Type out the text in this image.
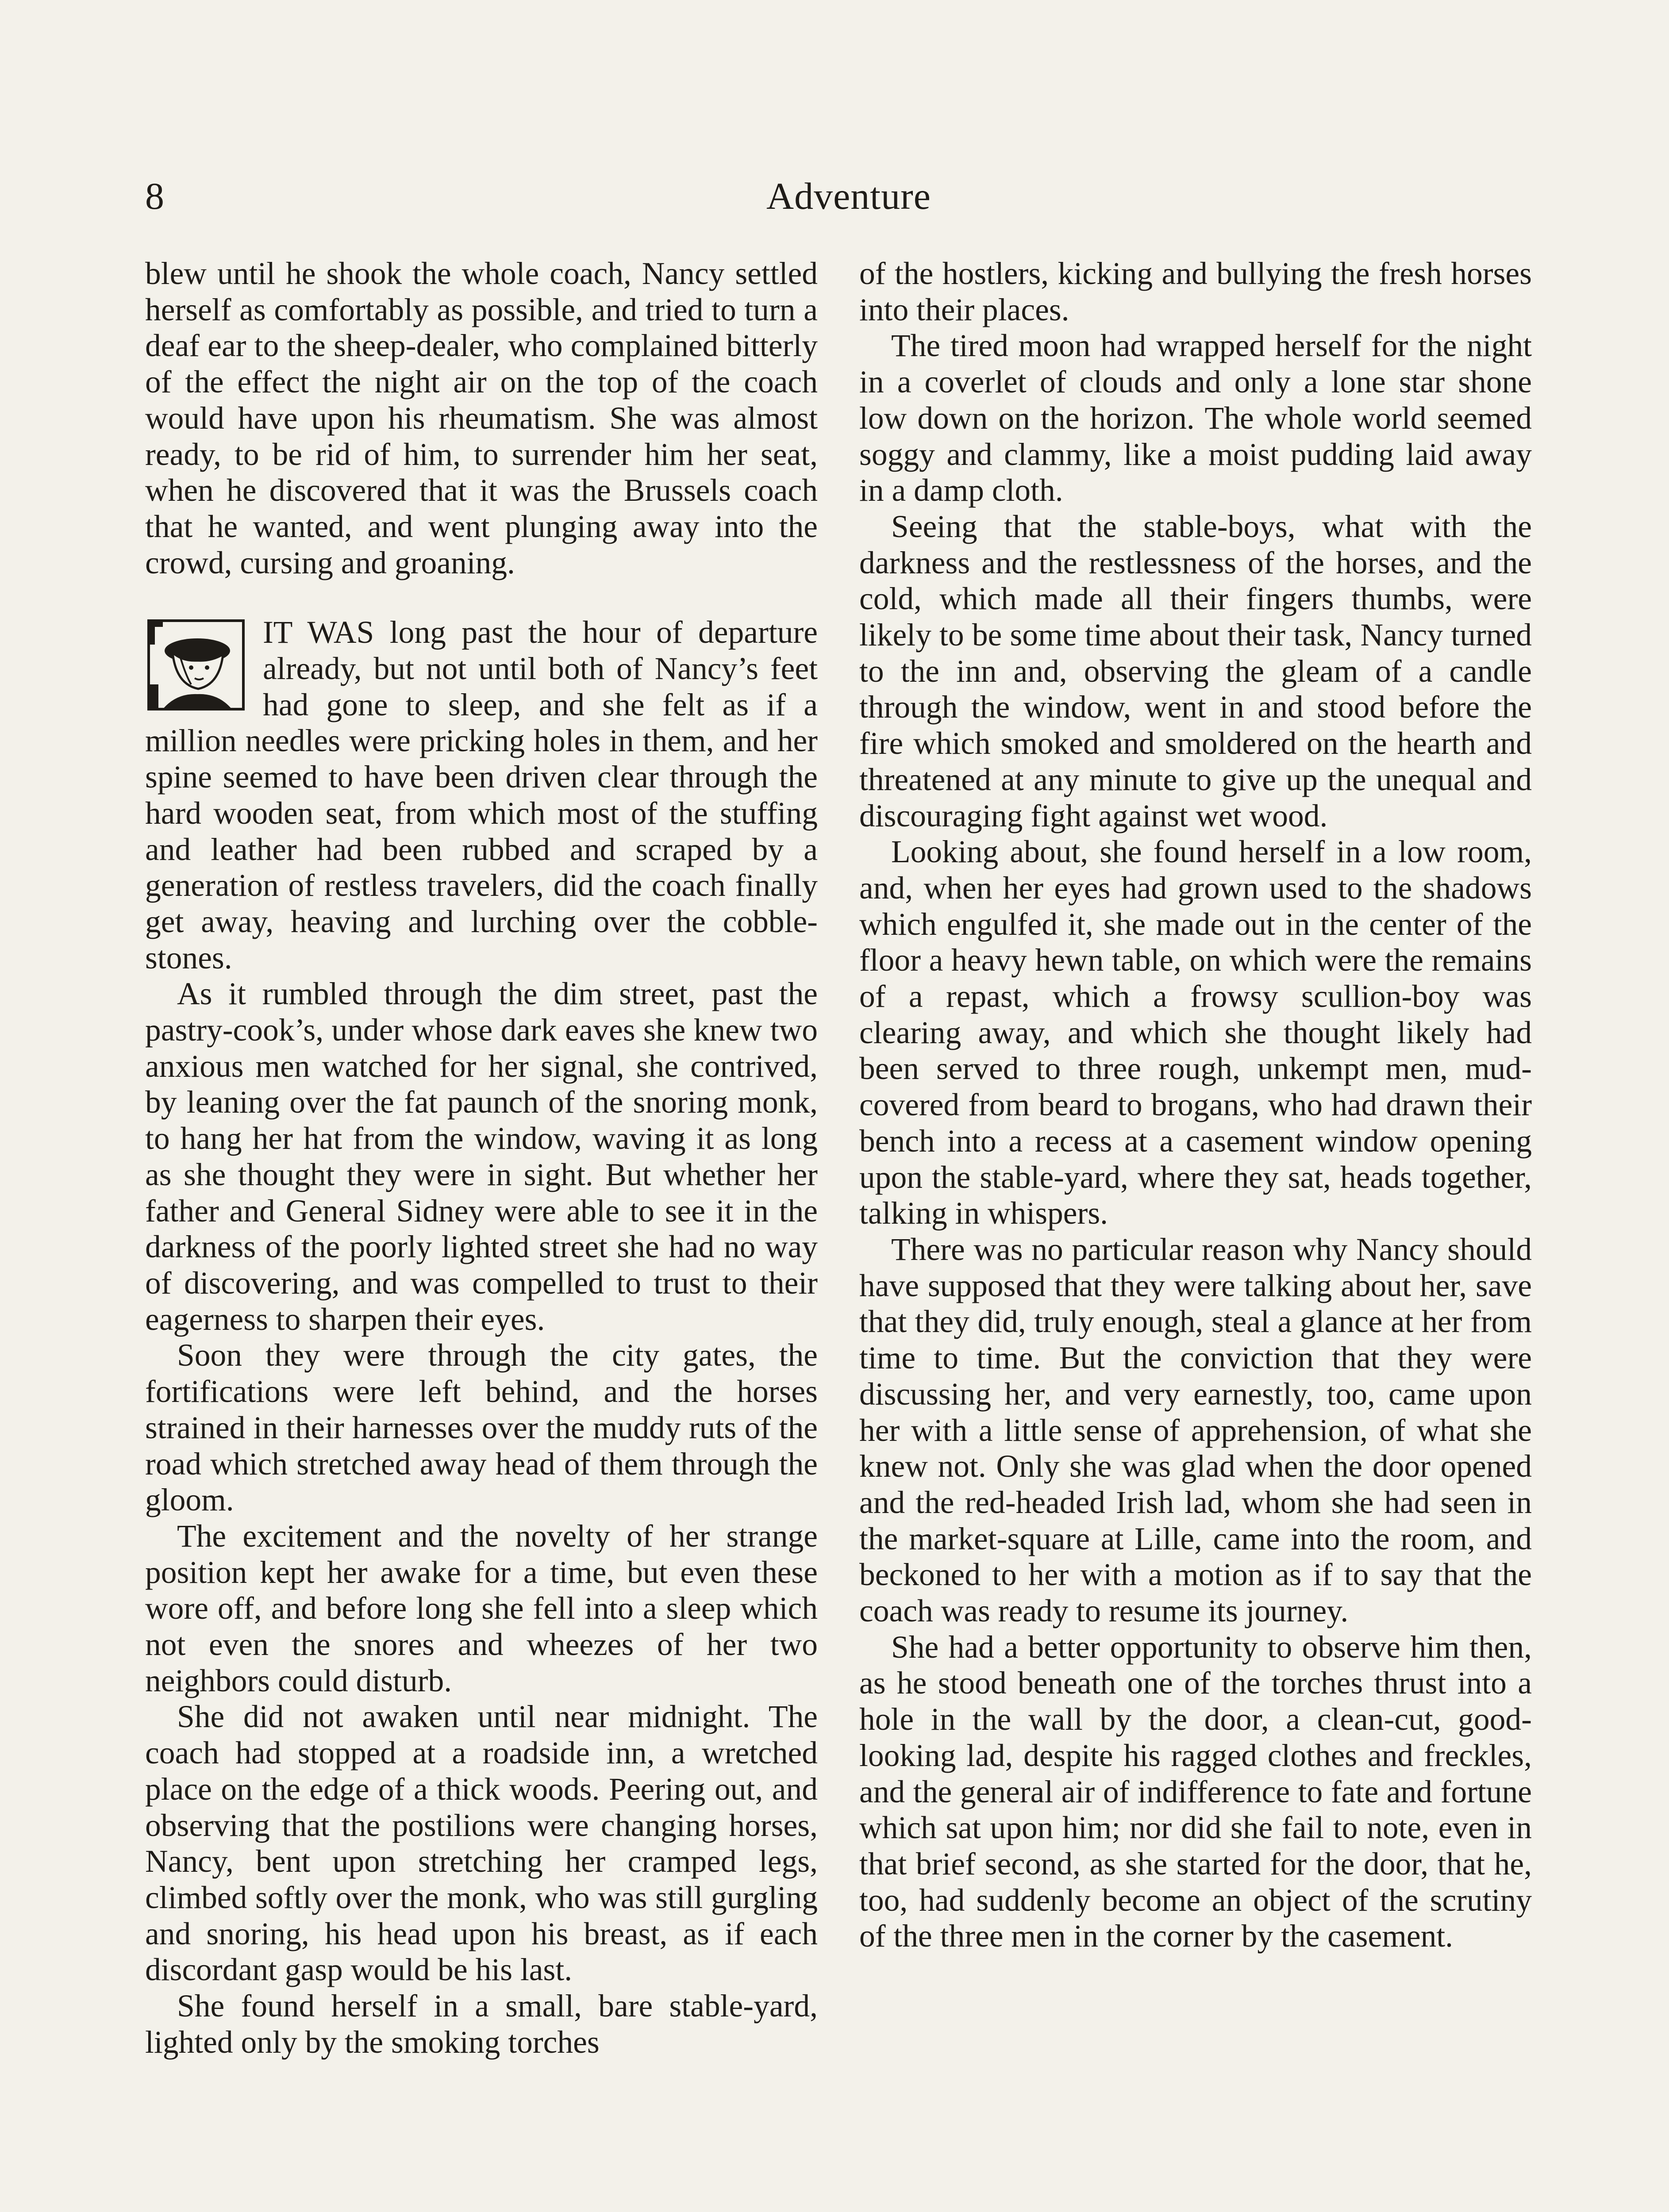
8	Adventure

blew until he shook the whole coach, Nancy settled herself as comfortably as possible, and tried to turn a deaf ear to the sheep-dealer, who complained bitterly of the effect the night air on the top of the coach would have upon his rheumatism. She was almost ready, to be rid of him, to surrender him her seat, when he discovered that it was the Brussels coach that he wanted, and went plunging away into the crowd, cursing and groaning.

IT WAS long past the hour of departure already, but not until both of Nancy’s feet had gone to sleep, and she felt as if a million needles were pricking holes in them, and her spine seemed to have been driven clear through the hard wooden seat, from which most of the stuffing and leather had been rubbed and scraped by a generation of restless travelers, did the coach finally get away, heaving and lurching over the cobble-stones.

As it rumbled through the dim street, past the pastry-cook’s, under whose dark eaves she knew two anxious men watched for her signal, she contrived, by leaning over the fat paunch of the snoring monk, to hang her hat from the window, waving it as long as she thought they were in sight. But whether her father and General Sidney were able to see it in the darkness of the poorly lighted street she had no way of discovering, and was compelled to trust to their eagerness to sharpen their eyes.

Soon they were through the city gates, the fortifications were left behind, and the horses strained in their harnesses over the muddy ruts of the road which stretched away head of them through the gloom.

The excitement and the novelty of her strange position kept her awake for a time, but even these wore off, and before long she fell into a sleep which not even the snores and wheezes of her two neighbors could disturb.

She did not awaken until near midnight. The coach had stopped at a roadside inn, a wretched place on the edge of a thick woods. Peering out, and observing that the postilions were changing horses, Nancy, bent upon stretching her cramped legs, climbed softly over the monk, who was still gurgling and snoring, his head upon his breast, as if each discordant gasp would be his last.

She found herself in a small, bare stable-yard, lighted only by the smoking torches

of the hostlers, kicking and bullying the fresh horses into their places.

The tired moon had wrapped herself for the night in a coverlet of clouds and only a lone star shone low down on the horizon. The whole world seemed soggy and clammy, like a moist pudding laid away in a damp cloth.

Seeing that the stable-boys, what with the darkness and the restlessness of the horses, and the cold, which made all their fingers thumbs, were likely to be some time about their task, Nancy turned to the inn and, observing the gleam of a candle through the window, went in and stood before the fire which smoked and smoldered on the hearth and threatened at any minute to give up the unequal and discouraging fight against wet wood.

Looking about, she found herself in a low room, and, when her eyes had grown used to the shadows which engulfed it, she made out in the center of the floor a heavy hewn table, on which were the remains of a repast, which a frowsy scullion-boy was clearing away, and which she thought likely had been served to three rough, unkempt men, mud-covered from beard to brogans, who had drawn their bench into a recess at a casement window opening upon the stable-yard, where they sat, heads together, talking in whispers.

There was no particular reason why Nancy should have supposed that they were talking about her, save that they did, truly enough, steal a glance at her from time to time. But the conviction that they were discussing her, and very earnestly, too, came upon her with a little sense of apprehension, of what she knew not. Only she was glad when the door opened and the red-headed Irish lad, whom she had seen in the market-square at Lille, came into the room, and beckoned to her with a motion as if to say that the coach was ready to resume its journey.

She had a better opportunity to observe him then, as he stood beneath one of the torches thrust into a hole in the wall by the door, a clean-cut, good-looking lad, despite his ragged clothes and freckles, and the general air of indifference to fate and fortune which sat upon him; nor did she fail to note, even in that brief second, as she started for the door, that he, too, had suddenly become an object of the scrutiny of the three men in the corner by the casement.
